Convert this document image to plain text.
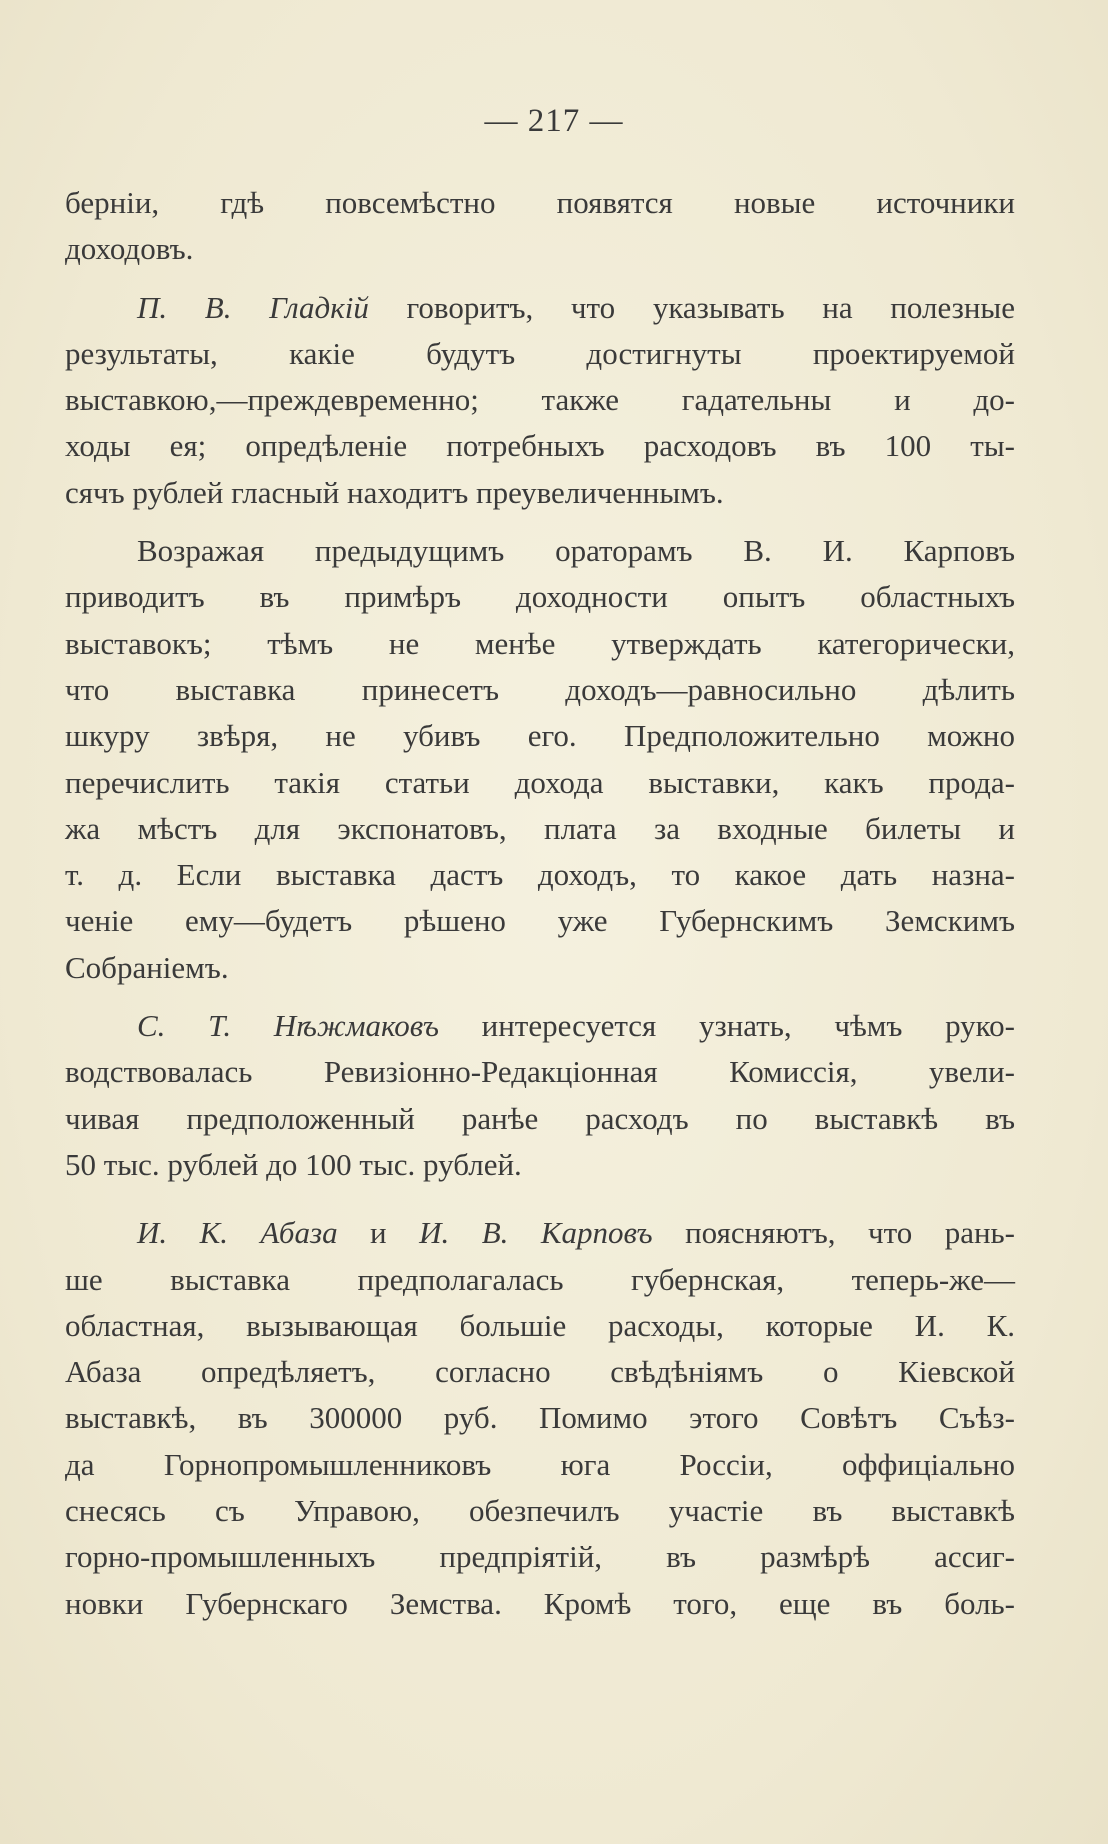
— 217 —
берніи, гдѣ повсемѣстно появятся новые источники
доходовъ.
П. В. Гладкій говоритъ, что указывать на полезные
результаты, какіе будутъ достигнуты проектируемой
выставкою,—преждевременно; также гадательны и до-
ходы ея; опредѣленіе потребныхъ расходовъ въ 100 ты-
сячъ рублей гласный находитъ преувеличеннымъ.
Возражая предыдущимъ ораторамъ В. И. Карповъ
приводитъ въ примѣръ доходности опытъ областныхъ
выставокъ; тѣмъ не менѣе утверждать категорически,
что выставка принесетъ доходъ—равносильно дѣлить
шкуру звѣря, не убивъ его. Предположительно можно
перечислить такія статьи дохода выставки, какъ прода-
жа мѣстъ для экспонатовъ, плата за входные билеты и
т. д. Если выставка дастъ доходъ, то какое дать назна-
ченіе ему—будетъ рѣшено уже Губернскимъ Земскимъ
Собраніемъ.
С. Т. Нѣжмаковъ интересуется узнать, чѣмъ руко-
водствовалась Ревизіонно-Редакціонная Комиссія, увели-
чивая предположенный ранѣе расходъ по выставкѣ въ
50 тыс. рублей до 100 тыс. рублей.
И. К. Абаза и И. В. Карповъ поясняютъ, что рань-
ше выставка предполагалась губернская, теперь-же—
областная, вызывающая большіе расходы, которые И. К.
Абаза опредѣляетъ, согласно свѣдѣніямъ о Кіевской
выставкѣ, въ 300000 руб. Помимо этого Совѣтъ Съѣз-
да Горнопромышленниковъ юга Россіи, оффиціально
снесясь съ Управою, обезпечилъ участіе въ выставкѣ
горно-промышленныхъ предпріятій, въ размѣрѣ ассиг-
новки Губернскаго Земства. Кромѣ того, еще въ боль-
